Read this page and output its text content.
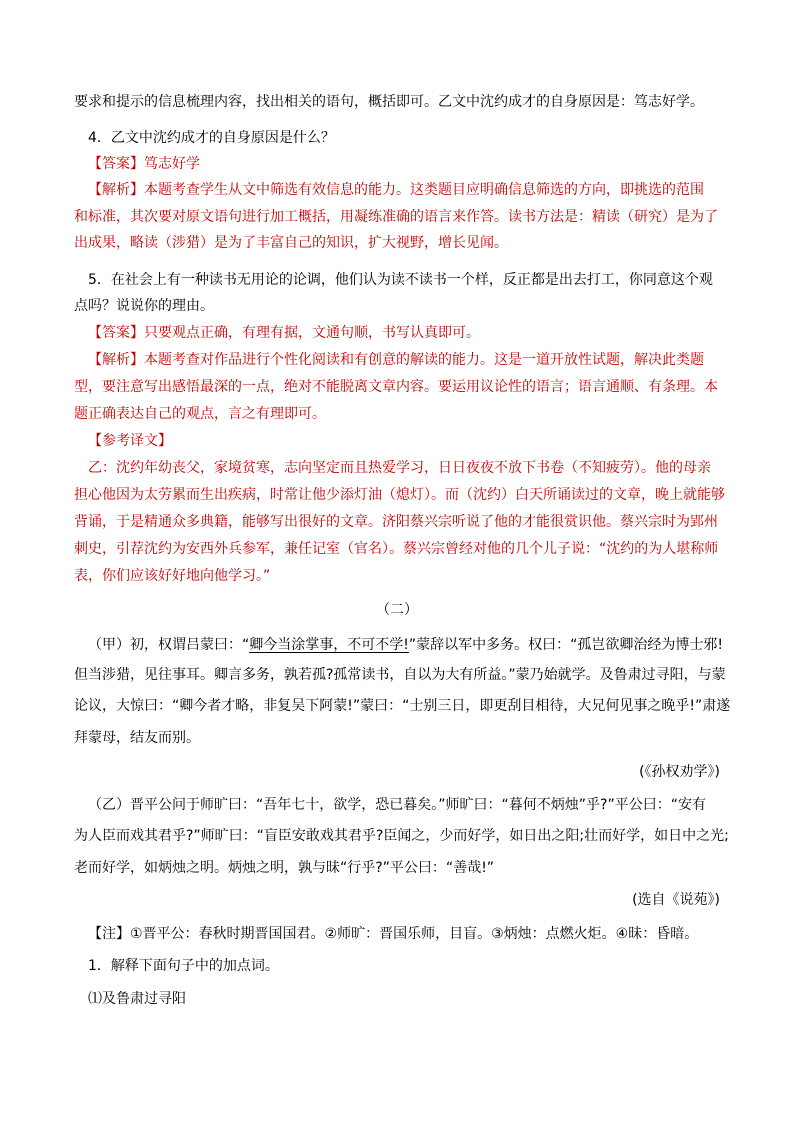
要求和提示的信息梳理内容，找出相关的语句，概括即可。乙文中沈约成才的自身原因是：笃志好学。
4．乙文中沈约成才的自身原因是什么？
【答案】笃志好学
【解析】本题考查学生从文中筛选有效信息的能力。这类题目应明确信息筛选的方向，即挑选的范围
和标准，其次要对原文语句进行加工概括，用凝练准确的语言来作答。读书方法是：精读（研究）是为了
出成果，略读（涉猎）是为了丰富自己的知识，扩大视野，增长见闻。
5．在社会上有一种读书无用论的论调，他们认为读不读书一个样，反正都是出去打工，你同意这个观
点吗？说说你的理由。
【答案】只要观点正确，有理有据，文通句顺，书写认真即可。
【解析】本题考查对作品进行个性化阅读和有创意的解读的能力。这是一道开放性试题，解决此类题
型，要注意写出感悟最深的一点，绝对不能脱离文章内容。要运用议论性的语言；语言通顺、有条理。本
题正确表达自己的观点，言之有理即可。
【参考译文】
乙：沈约年幼丧父，家境贫寒，志向坚定而且热爱学习，日日夜夜不放下书卷（不知疲劳）。他的母亲
担心他因为太劳累而生出疾病，时常让他少添灯油（熄灯）。而（沈约）白天所诵读过的文章，晚上就能够
背诵，于是精通众多典籍，能够写出很好的文章。济阳蔡兴宗听说了他的才能很赏识他。蔡兴宗时为郢州
刺史，引荐沈约为安西外兵参军，兼任记室（官名）。蔡兴宗曾经对他的几个儿子说：“沈约的为人堪称师
表，你们应该好好地向他学习。”
（二）
（甲）初，权谓吕蒙曰：“卿今当涂掌事，不可不学!”蒙辞以军中多务。权曰：“孤岂欲卿治经为博士邪!
但当涉猎，见往事耳。卿言多务，孰若孤?孤常读书，自以为大有所益。”蒙乃始就学。及鲁肃过寻阳，与蒙
论议，大惊曰：“卿今者才略，非复吴下阿蒙!”蒙曰：“士别三日，即更刮目相待，大兄何见事之晚乎!”肃遂
拜蒙母，结友而别。
(《孙权劝学》)
（乙）晋平公问于师旷曰：“吾年七十，欲学，恐已暮矣。”师旷曰：“暮何不炳烛”乎?”平公曰：“安有
为人臣而戏其君乎?”师旷曰：“盲臣安敢戏其君乎?臣闻之，少而好学，如日出之阳;壮而好学，如日中之光;
老而好学，如炳烛之明。炳烛之明，孰与昧“行乎?”平公曰：“善哉!”
(选自《说苑》)
【注】①晋平公：春秋时期晋国国君。②师旷：晋国乐师，目盲。③炳烛：点燃火炬。④昧：昏暗。
1．解释下面句子中的加点词。
⑴及鲁肃过寻阳
